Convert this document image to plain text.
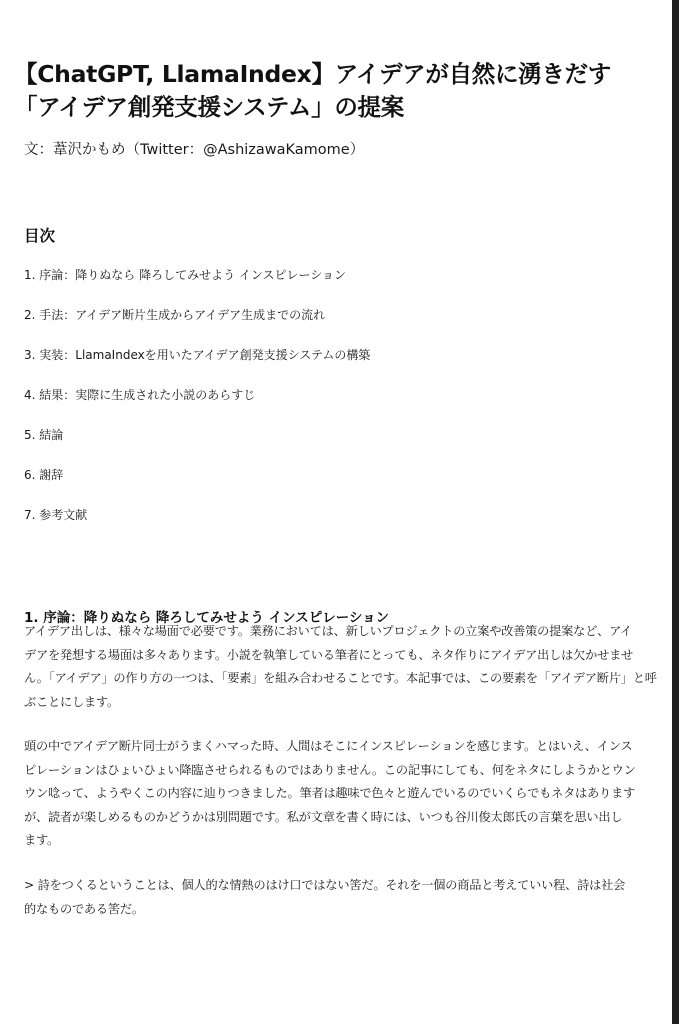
【ChatGPT, LlamaIndex】アイデアが自然に湧きだす
「アイデア創発支援システム」の提案
文：葦沢かもめ（Twitter：@AshizawaKamome）
目次
1. 序論：降りぬなら 降ろしてみせよう インスピレーション
2. 手法：アイデア断片生成からアイデア生成までの流れ
3. 実装：LlamaIndexを用いたアイデア創発支援システムの構築
4. 結果：実際に生成された小説のあらすじ
5. 結論
6. 謝辞
7. 参考文献
1. 序論：降りぬなら 降ろしてみせよう インスピレーション

アイデア出しは、様々な場面で必要です。業務においては、新しいプロジェクトの立案や改善策の提案など、アイ
デアを発想する場面は多々あります。小説を執筆している筆者にとっても、ネタ作りにアイデア出しは欠かせませ
ん。「アイデア」の作り方の一つは、「要素」を組み合わせることです。本記事では、この要素を「アイデア断片」と呼
ぶことにします。

頭の中でアイデア断片同士がうまくハマった時、人間はそこにインスピレーションを感じます。とはいえ、インス
ピレーションはひょいひょい降臨させられるものではありません。この記事にしても、何をネタにしようかとウン
ウン唸って、ようやくこの内容に辿りつきました。筆者は趣味で色々と遊んでいるのでいくらでもネタはあります
が、読者が楽しめるものかどうかは別問題です。私が文章を書く時には、いつも谷川俊太郎氏の言葉を思い出し
ます。

> 詩をつくるということは、個人的な情熱のはけ口ではない筈だ。それを一個の商品と考えていい程、詩は社会
的なものである筈だ。
